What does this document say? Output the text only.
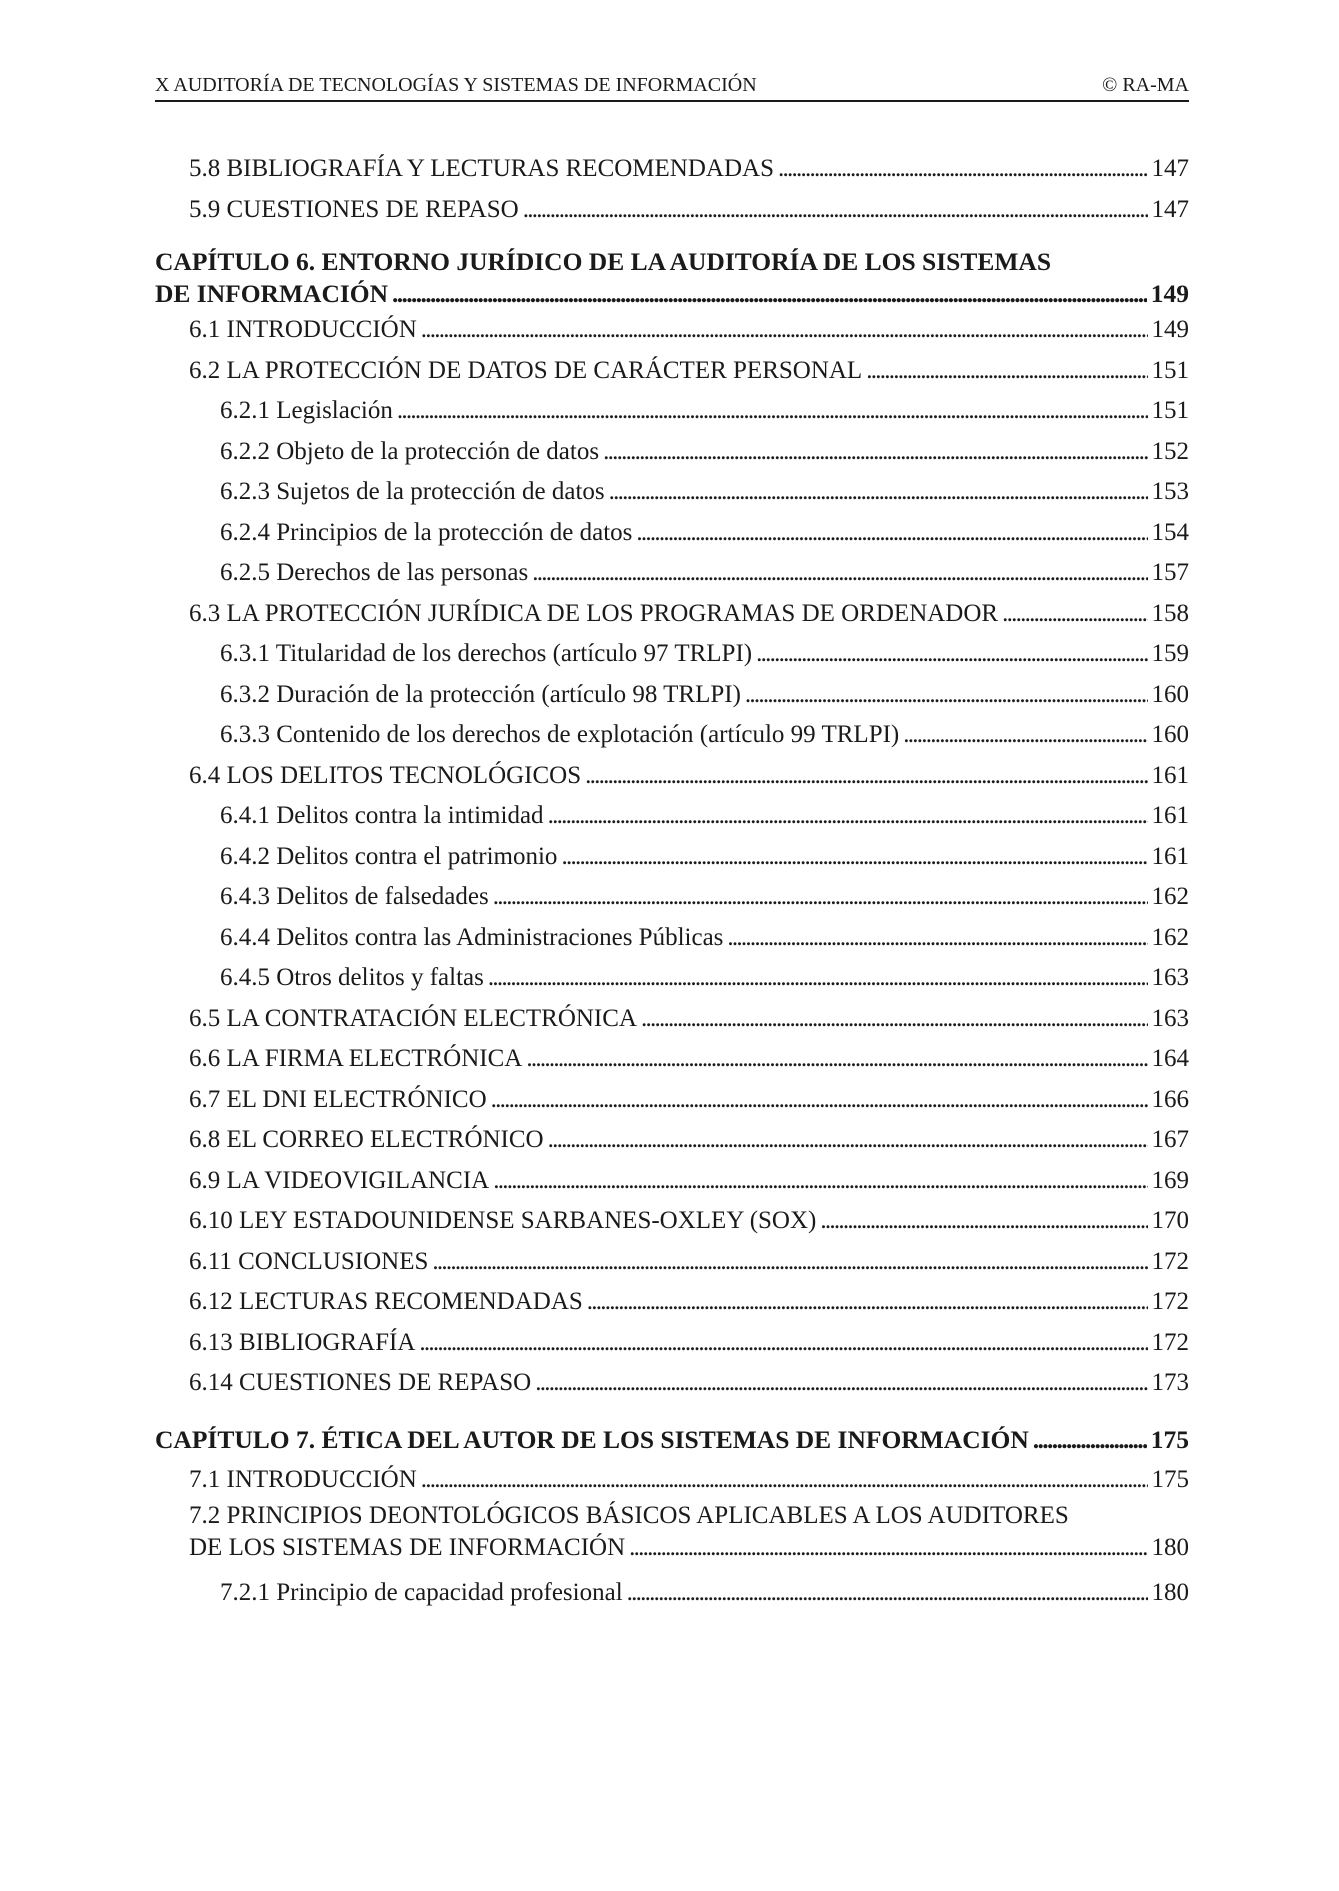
X AUDITORÍA DE TECNOLOGÍAS Y SISTEMAS DE INFORMACIÓN	© RA-MA
5.8 BIBLIOGRAFÍA Y LECTURAS RECOMENDADAS . . .	147
5.9 CUESTIONES DE REPASO . . .	147
CAPÍTULO 6. ENTORNO JURÍDICO DE LA AUDITORÍA DE LOS SISTEMAS
DE INFORMACIÓN . . .	149
6.1 INTRODUCCIÓN . . .	149
6.2 LA PROTECCIÓN DE DATOS DE CARÁCTER PERSONAL . . .	151
6.2.1 Legislación . . .	151
6.2.2 Objeto de la protección de datos . . .	152
6.2.3 Sujetos de la protección de datos . . .	153
6.2.4 Principios de la protección de datos . . .	154
6.2.5 Derechos de las personas . . .	157
6.3 LA PROTECCIÓN JURÍDICA DE LOS PROGRAMAS DE ORDENADOR . . .	158
6.3.1 Titularidad de los derechos (artículo 97 TRLPI) . . .	159
6.3.2 Duración de la protección (artículo 98 TRLPI) . . .	160
6.3.3 Contenido de los derechos de explotación (artículo 99 TRLPI) . . .	160
6.4 LOS DELITOS TECNOLÓGICOS . . .	161
6.4.1 Delitos contra la intimidad . . .	161
6.4.2 Delitos contra el patrimonio . . .	161
6.4.3 Delitos de falsedades . . .	162
6.4.4 Delitos contra las Administraciones Públicas . . .	162
6.4.5 Otros delitos y faltas . . .	163
6.5 LA CONTRATACIÓN ELECTRÓNICA . . .	163
6.6 LA FIRMA ELECTRÓNICA . . .	164
6.7 EL DNI ELECTRÓNICO . . .	166
6.8 EL CORREO ELECTRÓNICO . . .	167
6.9 LA VIDEOVIGILANCIA . . .	169
6.10 LEY ESTADOUNIDENSE SARBANES-OXLEY (SOX) . . .	170
6.11 CONCLUSIONES . . .	172
6.12 LECTURAS RECOMENDADAS . . .	172
6.13 BIBLIOGRAFÍA . . .	172
6.14 CUESTIONES DE REPASO . . .	173
CAPÍTULO 7. ÉTICA DEL AUTOR DE LOS SISTEMAS DE INFORMACIÓN . . .	175
7.1 INTRODUCCIÓN . . .	175
7.2 PRINCIPIOS DEONTOLÓGICOS BÁSICOS APLICABLES A LOS AUDITORES
DE LOS SISTEMAS DE INFORMACIÓN . . .	180
7.2.1 Principio de capacidad profesional . . .	180
